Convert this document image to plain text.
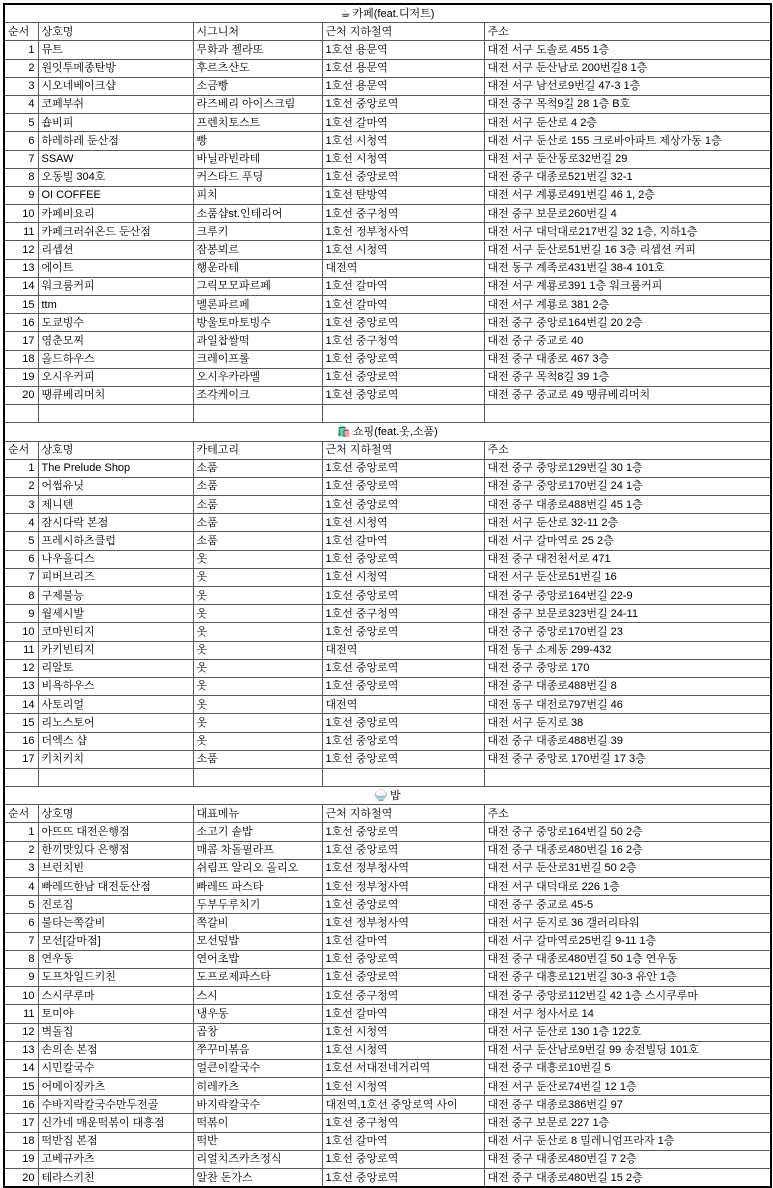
☕ 카페(feat.디저트)				
순서	상호명	시그니처	근처 지하철역	주소
1	뮤트	무화과 젤라또	1호선 용문역	대전 서구 도솔로 455 1층
2	원잇투메종탄방	후르츠산도	1호선 용문역	대전 서구 둔산남로 200번길8 1층
3	시오네베이크샵	소금빵	1호선 용문역	대전 서구 남선로9번길 47-3 1층
4	코페부쉬	라즈베리 아이스크림	1호선 중앙로역	대전 중구 목척9길 28 1층 B호
5	숍비피	프렌치토스트	1호선 갈마역	대전 서구 둔산로 4 2층
6	하레하레 둔산점	빵	1호선 시청역	대전 서구 둔산로 155 크로바아파트 제상가동 1층
7	SSAW	바닐라빈라테	1호선 시청역	대전 서구 둔산동로32번길 29
8	오동빌 304호	커스타드 푸딩	1호선 중앙로역	대전 중구 대종로521번길 32-1
9	OI COFFEE	피치	1호선 탄방역	대전 서구 계룡로491번길 46 1, 2층
10	카페비요리	소품샵st.인테리어	1호선 중구청역	대전 중구 보문로260번길 4
11	카페크러쉬온드 둔산점	크루키	1호선 정부청사역	대전 서구 대덕대로217번길 32 1층, 지하1층
12	리셉션	잠봉뵈르	1호선 시청역	대전 서구 둔산로51번길 16 3층 리셉션 커피
13	에이트	행운라테	대전역	대전 동구 계족로431번길 38-4 101호
14	워크룸커피	그릭모모파르페	1호선 갈마역	대전 서구 계룡로391 1층 워크룸커피
15	ttm	멜론파르페	1호선 갈마역	대전 서구 계룡로 381 2층
16	도쿄빙수	방울토마토빙수	1호선 중앙로역	대전 중구 중앙로164번길 20 2층
17	영춘모찌	과일찹쌀떡	1호선 중구청역	대전 중구 중교로 40
18	올드하우스	크레이프롤	1호선 중앙로역	대전 중구 대종로 467 3층
19	오시우커피	오시우카라멜	1호선 중앙로역	대전 중구 목척8길 39 1층
20	땡큐베리머치	조각케이크	1호선 중앙로역	대전 중구 중교로 49 땡큐베리머치

🛍️ 쇼핑(feat.옷,소품)				
순서	상호명	카테고리	근처 지하철역	주소
1	The Prelude Shop	소품	1호선 중앙로역	대전 중구 중앙로129번길 30 1층
2	어썸유닛	소품	1호선 중앙로역	대전 중구 중앙로170번길 24 1층
3	제니텐	소품	1호선 중앙로역	대전 중구 대종로488번길 45 1층
4	잠시다락 본점	소품	1호선 시청역	대전 서구 둔산로 32-11 2층
5	프레시하츠클럽	소품	1호선 갈마역	대전 서구 갈마역로 25 2층
6	나우올디스	옷	1호선 중앙로역	대전 중구 대전천서로 471
7	피버브리즈	옷	1호선 시청역	대전 서구 둔산로51번길 16
8	구제불능	옷	1호선 중앙로역	대전 중구 중앙로164번길 22-9
9	월세시발	옷	1호선 중구청역	대전 중구 보문로323번길 24-11
10	코마빈티지	옷	1호선 중앙로역	대전 중구 중앙로170번길 23
11	카키빈티지	옷	대전역	대전 동구 소제동 299-432
12	리알토	옷	1호선 중앙로역	대전 중구 중앙로 170
13	비욕하우스	옷	1호선 중앙로역	대전 중구 대종로488번길 8
14	사토리얼	옷	대전역	대전 동구 대전로797번길 46
15	리노스토어	옷	1호선 중앙로역	대전 서구 둔지로 38
16	더엑스 샵	옷	1호선 중앙로역	대전 중구 대종로488번길 39
17	키치키치	소품	1호선 중앙로역	대전 중구 중앙로 170번길 17 3층

🍚 밥				
순서	상호명	대표메뉴	근처 지하철역	주소
1	아뜨뜨 대전은행점	소고기 솥밥	1호선 중앙로역	대전 중구 중앙로164번길 50 2층
2	한끼맛있다 은행점	매콤 차돌필라프	1호선 중앙로역	대전 중구 대종로480번길 16 2층
3	브런치빈	쉬림프 알리오 올리오	1호선 정부청사역	대전 서구 둔산로31번길 50 2층
4	빠레뜨한남 대전둔산점	빠레뜨 파스타	1호선 정부청사역	대전 서구 대덕대로 226 1층
5	진로집	두부두루치기	1호선 중앙로역	대전 중구 중교로 45-5
6	불타는쪽갈비	쪽갈비	1호선 정부청사역	대전 서구 둔지로 36 갤러리타워
7	모선[갈마점]	모선덮밥	1호선 갈마역	대전 서구 갈마역로25번길 9-11 1층
8	연우동	연어초밥	1호선 중앙로역	대전 중구 대종로480번길 50 1층 연우동
9	도프차일드키친	도프로제파스타	1호선 중앙로역	대전 중구 대흥로121번길 30-3 유안 1층
10	스시쿠루마	스시	1호선 중구청역	대전 중구 중앙로112번길 42 1층 스시쿠루마
11	토미야	냉우동	1호선 갈마역	대전 서구 청사서로 14
12	벽돌집	곱창	1호선 시청역	대전 서구 둔산로 130 1층 122호
13	손의손 본점	쭈꾸미볶음	1호선 시청역	대전 서구 둔산남로9번길 99 송전빌딩 101호
14	시민칼국수	얼큰이칼국수	1호선 서대전네거리역	대전 중구 대흥로10번길 5
15	어메이징카츠	히레카츠	1호선 시청역	대전 서구 둔산로74번길 12 1층
16	수바지락칼국수만두전골	바지락칼국수	대전역,1호선 중앙로역 사이	대전 중구 대종로386번길 97
17	신가네 매운떡볶이 대흥점	떡볶이	1호선 중구청역	대전 중구 보문로 227 1층
18	떡반집 본점	떡반	1호선 갈마역	대전 서구 둔산로 8 밀레니엄프라자 1층
19	고베규카츠	리얼치즈카츠정식	1호선 중앙로역	대전 중구 대종로480번길 7 2층
20	테라스키친	알찬 돈가스	1호선 중앙로역	대전 중구 대종로480번길 15 2층
